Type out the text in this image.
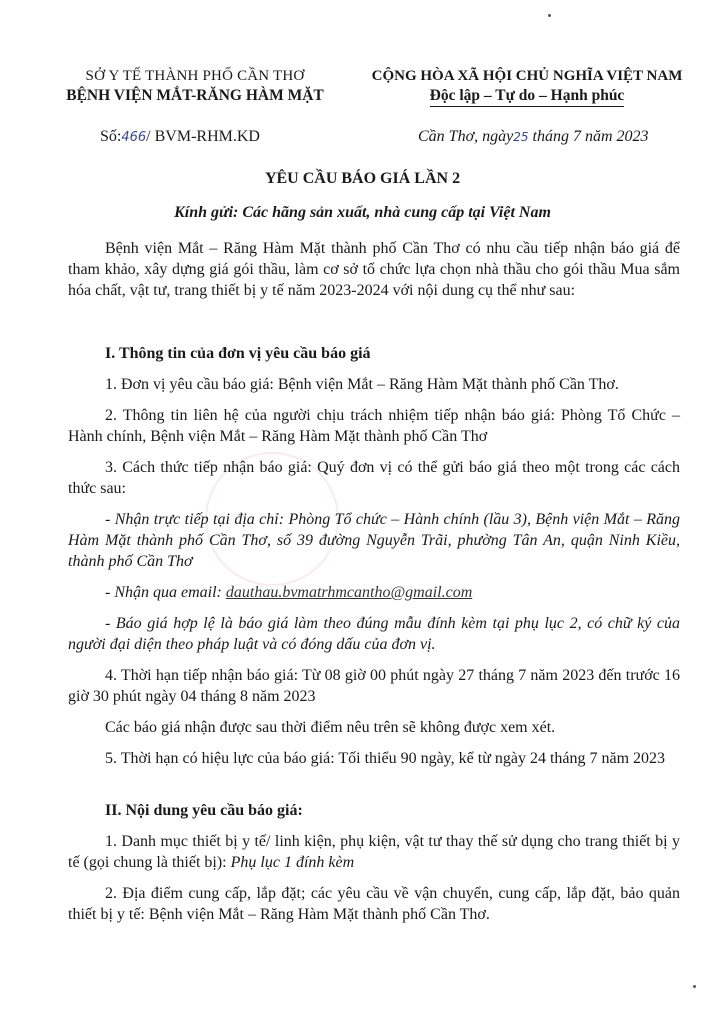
SỞ Y TẾ THÀNH PHỐ CẦN THƠ
BỆNH VIỆN MẮT-RĂNG HÀM MẶT
CỘNG HÒA XÃ HỘI CHỦ NGHĨA VIỆT NAM
Độc lập – Tự do – Hạnh phúc
Số:466/ BVM-RHM.KD	Cần Thơ, ngày25 tháng 7 năm 2023
YÊU CẦU BÁO GIÁ LẦN 2
Kính gửi: Các hãng sản xuất, nhà cung cấp tại Việt Nam

Bệnh viện Mắt – Răng Hàm Mặt thành phố Cần Thơ có nhu cầu tiếp nhận báo giá để tham khảo, xây dựng giá gói thầu, làm cơ sở tổ chức lựa chọn nhà thầu cho gói thầu Mua sắm hóa chất, vật tư, trang thiết bị y tế năm 2023-2024 với nội dung cụ thể như sau:

I. Thông tin của đơn vị yêu cầu báo giá

1. Đơn vị yêu cầu báo giá: Bệnh viện Mắt – Răng Hàm Mặt thành phố Cần Thơ.

2. Thông tin liên hệ của người chịu trách nhiệm tiếp nhận báo giá: Phòng Tổ Chức – Hành chính, Bệnh viện Mắt – Răng Hàm Mặt thành phố Cần Thơ

3. Cách thức tiếp nhận báo giá: Quý đơn vị có thể gửi báo giá theo một trong các cách thức sau:

- Nhận trực tiếp tại địa chỉ: Phòng Tổ chức – Hành chính (lầu 3), Bệnh viện Mắt – Răng Hàm Mặt thành phố Cần Thơ, số 39 đường Nguyễn Trãi, phường Tân An, quận Ninh Kiều, thành phố Cần Thơ

- Nhận qua email: dauthau.bvmatrhmcantho@gmail.com

- Báo giá hợp lệ là báo giá làm theo đúng mẫu đính kèm tại phụ lục 2, có chữ ký của người đại diện theo pháp luật và có đóng dấu của đơn vị.

4. Thời hạn tiếp nhận báo giá: Từ 08 giờ 00 phút ngày 27 tháng 7 năm 2023 đến trước 16 giờ 30 phút ngày 04 tháng 8 năm 2023

Các báo giá nhận được sau thời điểm nêu trên sẽ không được xem xét.

5. Thời hạn có hiệu lực của báo giá: Tối thiểu 90 ngày, kể từ ngày 24 tháng 7 năm 2023

II. Nội dung yêu cầu báo giá:

1. Danh mục thiết bị y tế/ linh kiện, phụ kiện, vật tư thay thế sử dụng cho trang thiết bị y tế (gọi chung là thiết bị): Phụ lục 1 đính kèm

2. Địa điểm cung cấp, lắp đặt; các yêu cầu về vận chuyển, cung cấp, lắp đặt, bảo quản thiết bị y tế: Bệnh viện Mắt – Răng Hàm Mặt thành phố Cần Thơ.
